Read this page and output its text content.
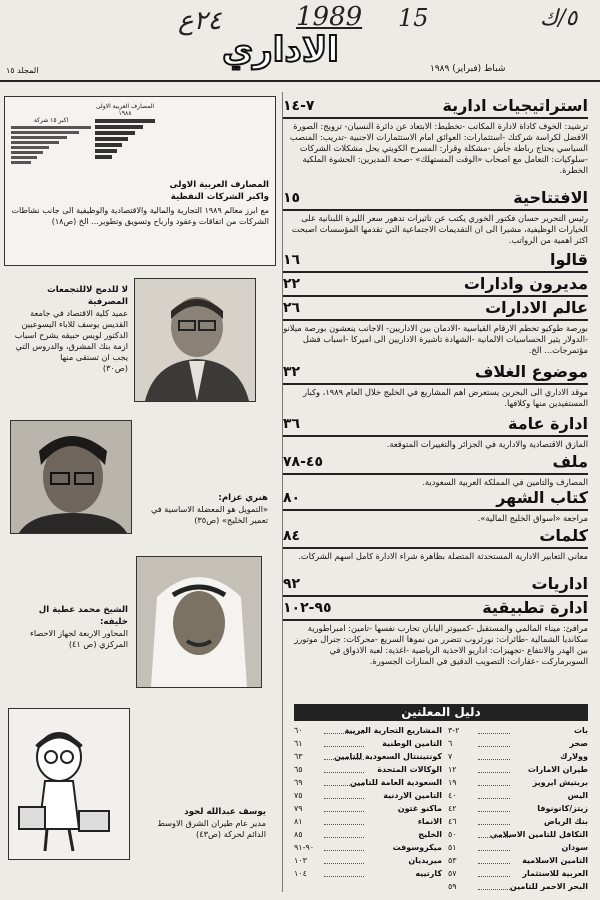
٥/ك
1989 15
٢٤ع
الاداري	شباط (فبراير) ١٩٨٩
المجلد ١٥
استراتيجيات ادارية
٧-١٤
ترشيد: الخوف كاداة لادارة المكاتب -تخطيط: الابتعاد عن دائرة النسيان- ترويج: الصورة الافضل لكراسة شركتك -استثمارات: العوائق امام الاستثمارات الاجنبية -تدريب: المنصب السياسي يحتاج رباطة جأش -مشكلة وقرار: المسرح الكويتي يحل مشكلات الشركات -سلوكيات: التعامل مع اصحاب «الوقت المستهلك» -صحة المديرين: الحشوة الملكية الخطرة.
الافتتاحية
١٥
رئيس التحرير حسان فكتور الخوري يكتب عن تاثيرات تدهور سعر الليرة اللبنانية على الخيارات الوظيفية، مشيرا الى ان التقديمات الاجتماعية التي تقدمها المؤسسات اصبحت اكثر اهمية من الرواتب.
قالوا
١٦
مديرون وادارات
٢٢
عالم الادارات
٢٦
بورصة طوكيو تحطم الارقام القياسية -الادمان بين الاداريين- الاجانب ينعشون بورصة ميلانو -الدولار يثير الحساسيات الالمانية -الشهادة تاشيرة الاداريين الى اميركا -اسباب فشل مؤتمرجات... الخ.
موضوع الغلاف
٣٢
موقد الاداري الى البحرين يستعرض اهم المشاريع في الخليج خلال العام ١٩٨٩، وكبار المستفيدين منها وكلافها.
ادارة عامة
٣٦
المازق الاقتصادية والادارية في الجزائر والتغييرات المتوقعة.
ملف
٤٥-٧٨
المصارف والتامين في المملكة العربية السعودية.
كتاب الشهر
٨٠
مراجعة «اسواق الخليج المالية».
كلمات
٨٤
معاني التعابير الادارية المستحدثة المتصلة بظاهرة شراء الادارة كامل اسهم الشركات.
اداريات
٩٢
ادارة تطبيقية
٩٥-١٠٢
مرافئ: ميناء المالمي والمستقبل -كمبيوتر اليابان تحارب نفسها -تامين: امبراطورية سكانديا الشمالية -طائرات: نورثروب تتضرر من نموها السريع -محركات: جنرال موتورز بين الهدر والانتفاع -تجهيزات: اداريو الاحذية الرياضية -اغذية: لعبة الاذواق في السوبرماركت -عقارات: التصويب الدقيق في المنارات الجسورة.
دليل المعلنين
بات
٢-٣
صخر
٦
وولارك
٧
طيران الامارات
١٢
بريتيش ايرويز
١٩
اليس
٤٠
زيتز/كانونوفا
٤٢
بنك الرياض
٤٦
التكافل للتامين الاسلامي
٥٠
سودان
٥١
التامين الاسلامية
٥٣
العربية للاستثمار
٥٧
البحر الاحمر للتامين
٥٩
المشاريع التجارية العربية
٦٠
التامين الوطنية
٦١
كونتيننتال السعودية للتامين
٦٣
الوكالات المتحدة
٦٥
السعودية العامة للتامين
٦٩
التامين الاردنية
٧٥
ماكنو غتون
٧٩
الانماء
٨١
الخليج
٨٥
ميكروسوفت
٩٠-٩١
ميريديان
١٠٣
كارتييه
١٠٤
اكبر ١٥ شركة
المصارف العربية الاولى ١٩٨٨
المصارف العربية الاولى واكبر الشركات النفطية
مع ابرز معالم ١٩٨٩ التجارية والمالية والاقتصادية والوظيفية الى جانب نشاطات الشركات من اتفاقات وعقود وارباح وتسويق وتطوير... الخ (ص١٨)
لا للدمج لاللتجمعات المصرفية
عميد كلية الاقتصاد في جامعة القديس يوسف للاباء اليسوعيين الدكتور لويس حبيقه يشرح اسباب ازمة بنك المشرق، والدروس التي يجب ان تستقى منها
(ص٣٠)
هنري عزام:
«التمويل هو المعضلة الاساسية في تعمير الخليج» (ص٣٥)
الشيخ محمد عطية ال خليفه:
المحاور الاربعة لجهاز الاحصاء المركزي (ص ٤١)
يوسف عبدالله لحود
مدير عام طيران الشرق الاوسط الدائم لحركة (ص٤٣)
